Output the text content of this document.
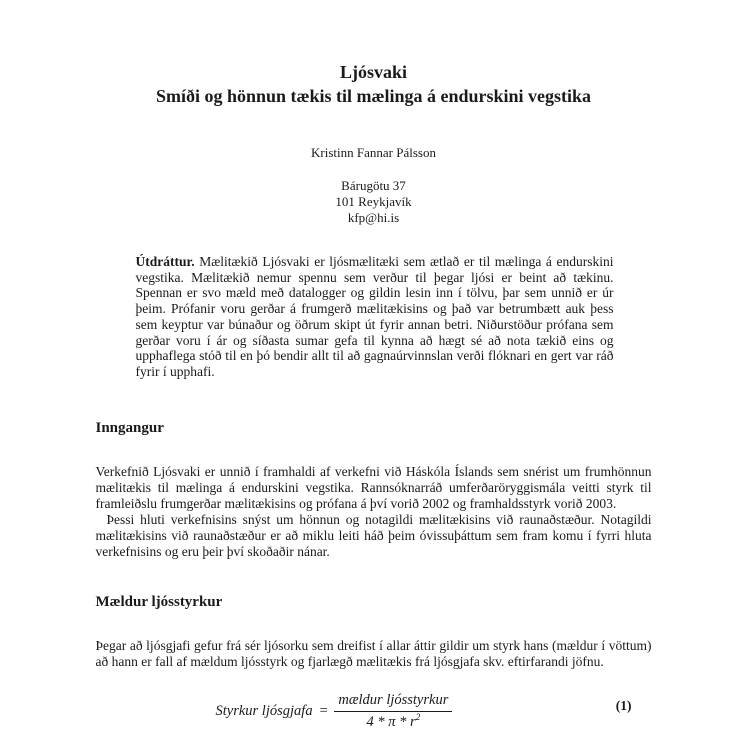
Ljósvaki
Smíði og hönnun tækis til mælinga á endurskini vegstika
Kristinn Fannar Pálsson
Bárugötu 37
101 Reykjavík
kfp@hi.is
Útdráttur. Mælitækið Ljósvaki er ljósmælitæki sem ætlað er til mælinga á endurskini vegstika. Mælitækið nemur spennu sem verður til þegar ljósi er beint að tækinu. Spennan er svo mæld með datalogger og gildin lesin inn í tölvu, þar sem unnið er úr þeim. Prófanir voru gerðar á frumgerð mælitækisins og það var betrumbætt auk þess sem keyptur var búnaður og öðrum skipt út fyrir annan betri. Niðurstöður prófana sem gerðar voru í ár og síðasta sumar gefa til kynna að hægt sé að nota tækið eins og upphaflega stóð til en þó bendir allt til að gagnaúrvinnslan verði flóknari en gert var ráð fyrir í upphafi.
Inngangur

Verkefnið Ljósvaki er unnið í framhaldi af verkefni við Háskóla Íslands sem snérist um frumhönnun mælitækis til mælinga á endurskini vegstika. Rannsóknarráð umferðaröryggismála veitti styrk til framleiðslu frumgerðar mælitækisins og prófana á því vorið 2002 og framhaldsstyrk vorið 2003.

Þessi hluti verkefnisins snýst um hönnun og notagildi mælitækisins við raunaðstæður. Notagildi mælitækisins við raunaðstæður er að miklu leiti háð þeim óvissuþáttum sem fram komu í fyrri hluta verkefnisins og eru þeir því skoðaðir nánar.

Mældur ljósstyrkur

Þegar að ljósgjafi gefur frá sér ljósorku sem dreifist í allar áttir gildir um styrk hans (mældur í vöttum) að hann er fall af mældum ljósstyrk og fjarlægð mælitækis frá ljósgjafa skv. eftirfarandi jöfnu.

Styrkur ljósgjafa = $\frac{\text{mældur ljósstyrkur}}{4 * \pi * r^2}$	(1)
